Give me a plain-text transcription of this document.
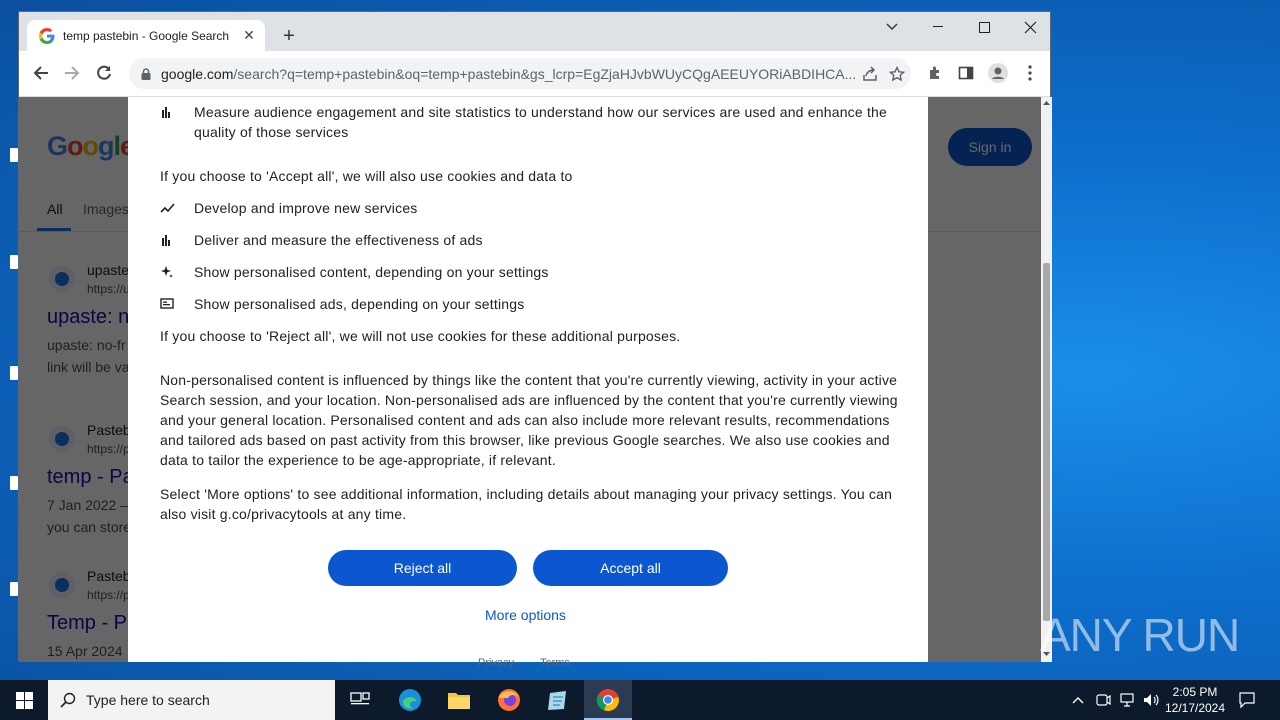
temp pastebin - Google Search	✕	+
google.com/search?q=temp+pastebin&oq=temp+pastebin&gs_lcrp=EgZjaHJvbWUyCQgAEEUYORiABDIHCA...
Measure audience engagement and site statistics to understand how our services are used and enhance the quality of those services
If you choose to 'Accept all', we will also use cookies and data to
Develop and improve new services
Deliver and measure the effectiveness of ads
Show personalised content, depending on your settings
Show personalised ads, depending on your settings
If you choose to 'Reject all', we will not use cookies for these additional purposes.
Non-personalised content is influenced by things like the content that you're currently viewing, activity in your active Search session, and your location. Non-personalised ads are influenced by the content that you're currently viewing and your general location. Personalised content and ads can also include more relevant results, recommendations and tailored ads based on past activity from this browser, like previous Google searches. We also use cookies and data to tailor the experience to be age-appropriate, if relevant.
Select 'More options' to see additional information, including details about managing your privacy settings. You can also visit g.co/privacytools at any time.
Reject all	Accept all
More options
Privacy Terms
ANY RUN
Type here to search	2:05 PM
12/17/2024
